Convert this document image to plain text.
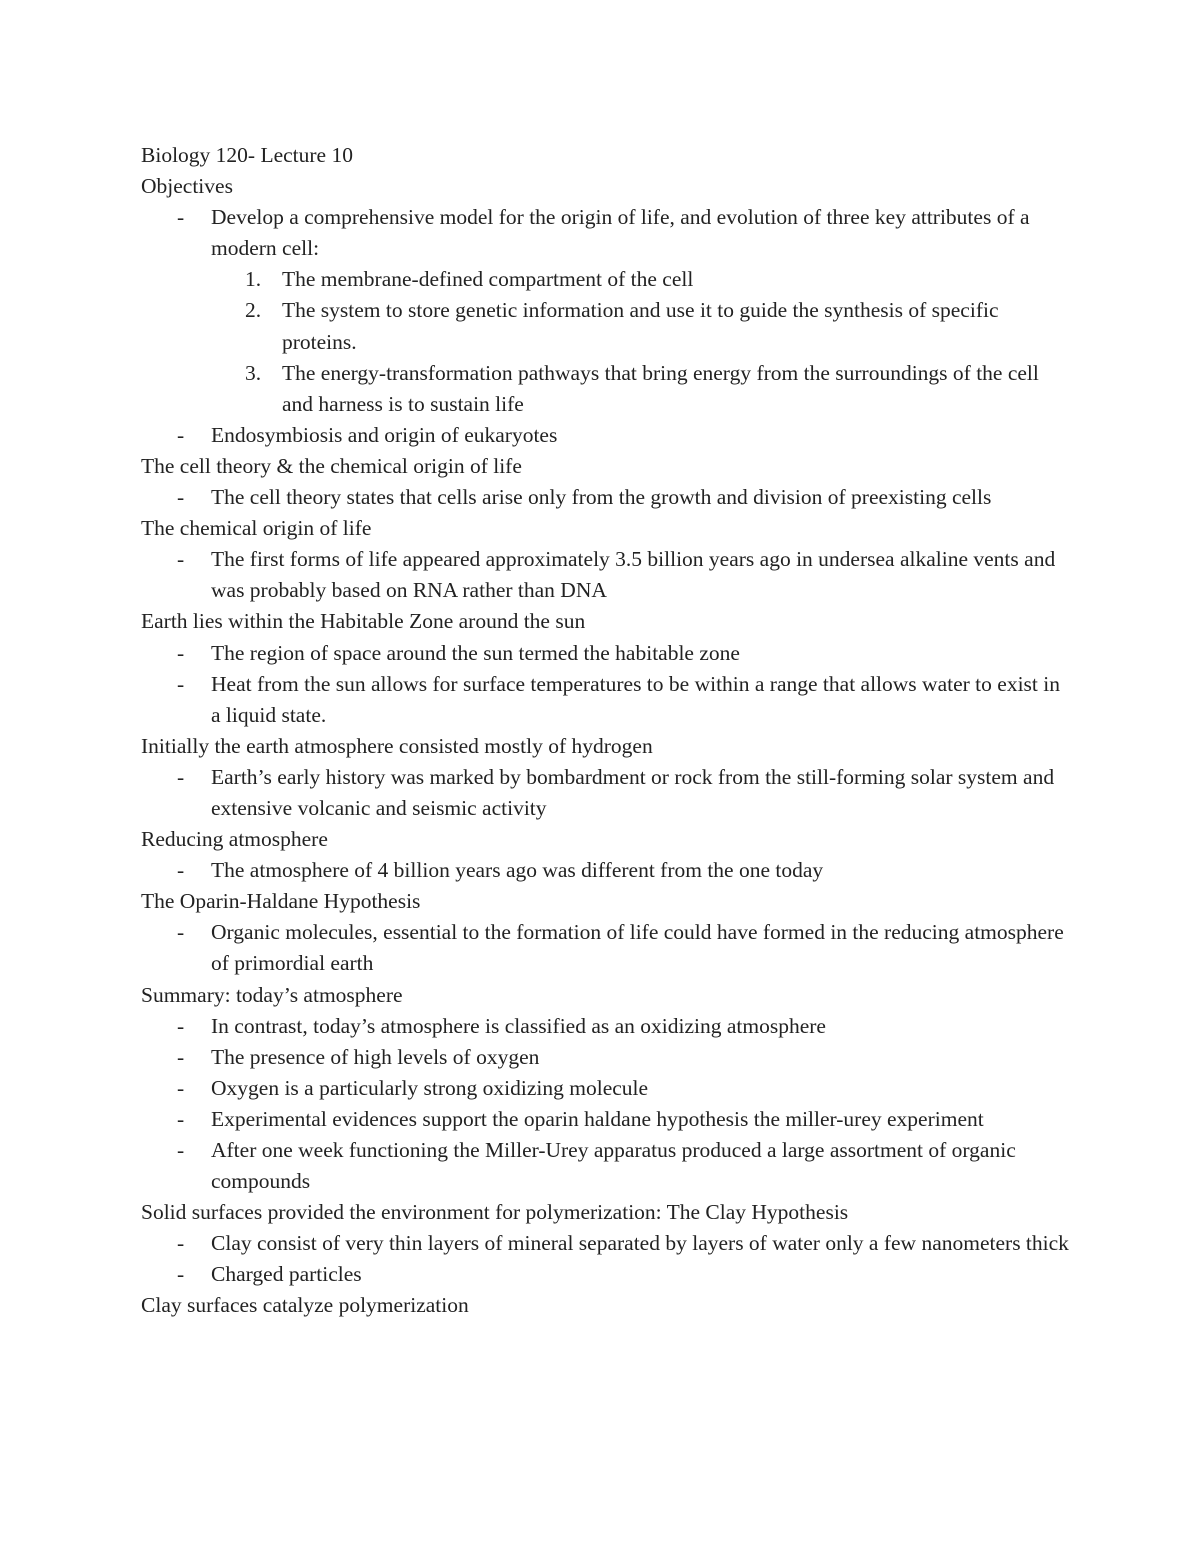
Biology 120- Lecture 10
Objectives
- Develop a comprehensive model for the origin of life, and evolution of three key attributes of a modern cell:
1. The membrane-defined compartment of the cell
2. The system to store genetic information and use it to guide the synthesis of specific proteins.
3. The energy-transformation pathways that bring energy from the surroundings of the cell and harness is to sustain life
- Endosymbiosis and origin of eukaryotes
The cell theory & the chemical origin of life
- The cell theory states that cells arise only from the growth and division of preexisting cells
The chemical origin of life
- The first forms of life appeared approximately 3.5 billion years ago in undersea alkaline vents and was probably based on RNA rather than DNA
Earth lies within the Habitable Zone around the sun
- The region of space around the sun termed the habitable zone
- Heat from the sun allows for surface temperatures to be within a range that allows water to exist in a liquid state.
Initially the earth atmosphere consisted mostly of hydrogen
- Earth’s early history was marked by bombardment or rock from the still-forming solar system and extensive volcanic and seismic activity
Reducing atmosphere
- The atmosphere of 4 billion years ago was different from the one today
The Oparin-Haldane Hypothesis
- Organic molecules, essential to the formation of life could have formed in the reducing atmosphere of primordial earth
Summary: today’s atmosphere
- In contrast, today’s atmosphere is classified as an oxidizing atmosphere
- The presence of high levels of oxygen
- Oxygen is a particularly strong oxidizing molecule
- Experimental evidences support the oparin haldane hypothesis the miller-urey experiment
- After one week functioning the Miller-Urey apparatus produced a large assortment of organic compounds
Solid surfaces provided the environment for polymerization: The Clay Hypothesis
- Clay consist of very thin layers of mineral separated by layers of water only a few nanometers thick
- Charged particles
Clay surfaces catalyze polymerization
